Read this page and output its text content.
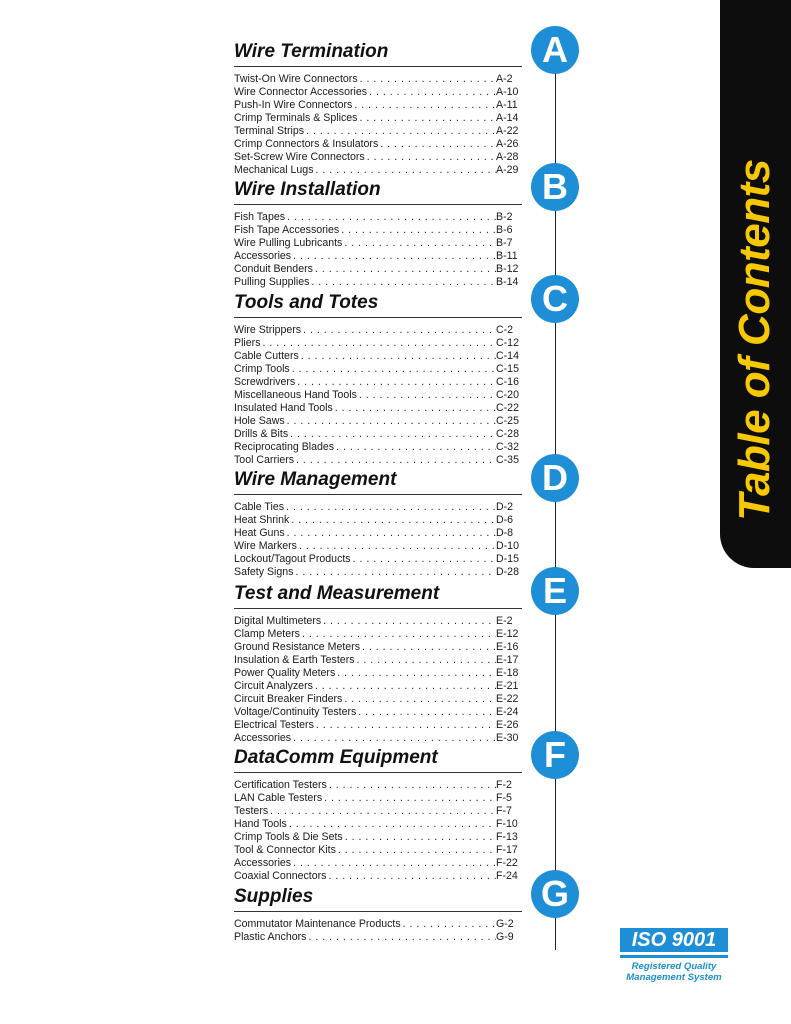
Wire Termination
Twist-On Wire Connectors . . .	A-2
Wire Connector Accessories . . .	A-10
Push-In Wire Connectors . . .	A-11
Crimp Terminals & Splices . . .	A-14
Terminal Strips . . .	A-22
Crimp Connectors & Insulators . . .	A-26
Set-Screw Wire Connectors . . .	A-28
Mechanical Lugs . . .	A-29
A
Wire Installation
Fish Tapes . . .	B-2
Fish Tape Accessories . . .	B-6
Wire Pulling Lubricants . . .	B-7
Accessories . . .	B-11
Conduit Benders . . .	B-12
Pulling Supplies . . .	B-14
B
Tools and Totes
Wire Strippers . . .	C-2
Pliers . . .	C-12
Cable Cutters . . .	C-14
Crimp Tools . . .	C-15
Screwdrivers . . .	C-16
Miscellaneous Hand Tools . . .	C-20
Insulated Hand Tools . . .	C-22
Hole Saws . . .	C-25
Drills & Bits . . .	C-28
Reciprocating Blades . . .	C-32
Tool Carriers . . .	C-35
C
Wire Management
Cable Ties . . .	D-2
Heat Shrink . . .	D-6
Heat Guns . . .	D-8
Wire Markers . . .	D-10
Lockout/Tagout Products . . .	D-15
Safety Signs . . .	D-28
D
Test and Measurement
Digital Multimeters . . .	E-2
Clamp Meters . . .	E-12
Ground Resistance Meters . . .	E-16
Insulation & Earth Testers . . .	E-17
Power Quality Meters . . .	E-18
Circuit Analyzers . . .	E-21
Circuit Breaker Finders . . .	E-22
Voltage/Continuity Testers . . .	E-24
Electrical Testers . . .	E-26
Accessories . . .	E-30
E
DataComm Equipment
Certification Testers . . .	F-2
LAN Cable Testers . . .	F-5
Testers . . .	F-7
Hand Tools . . .	F-10
Crimp Tools & Die Sets . . .	F-13
Tool & Connector Kits . . .	F-17
Accessories . . .	F-22
Coaxial Connectors . . .	F-24
F
Supplies
Commutator Maintenance Products . . .	G-2
Plastic Anchors . . .	G-9
G
Table of Contents
ISO 9001
Registered Quality
Management System
